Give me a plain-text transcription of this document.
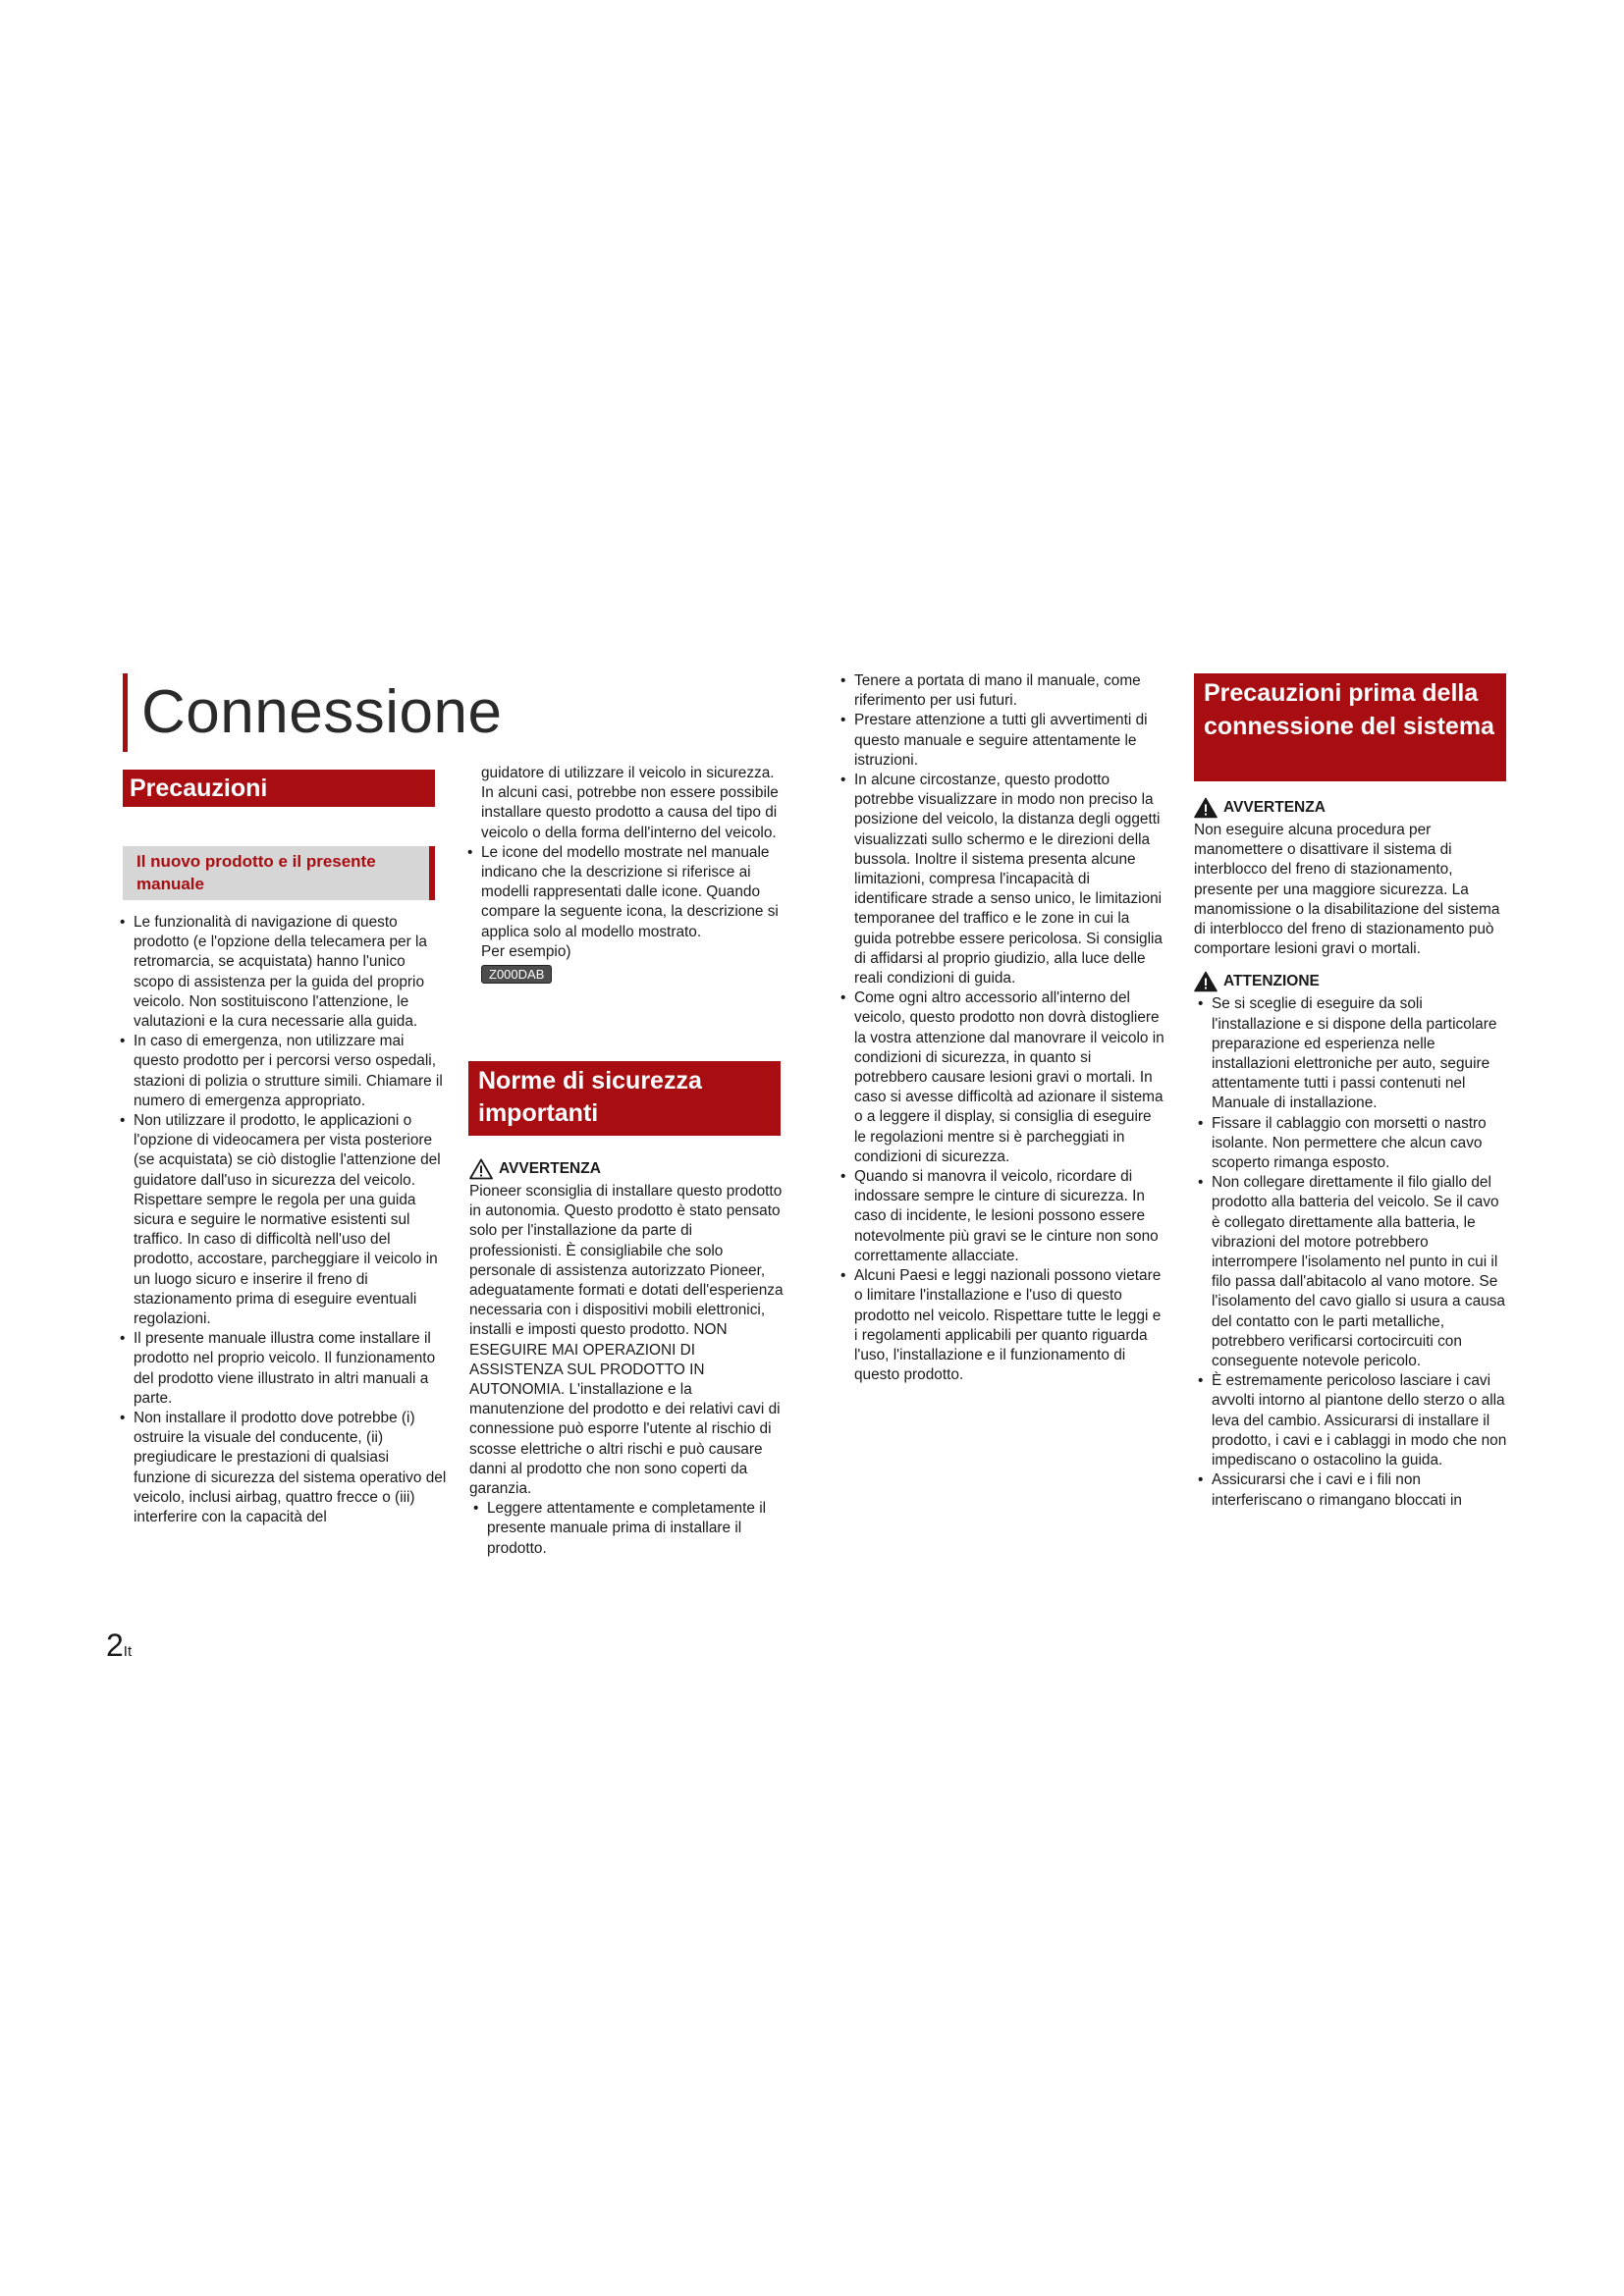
Connessione
Precauzioni
Il nuovo prodotto e il presente manuale
• Le funzionalità di navigazione di questo prodotto (e l'opzione della telecamera per la retromarcia, se acquistata) hanno l'unico scopo di assistenza per la guida del proprio veicolo. Non sostituiscono l'attenzione, le valutazioni e la cura necessarie alla guida.
• In caso di emergenza, non utilizzare mai questo prodotto per i percorsi verso ospedali, stazioni di polizia o strutture simili. Chiamare il numero di emergenza appropriato.
• Non utilizzare il prodotto, le applicazioni o l'opzione di videocamera per vista posteriore (se acquistata) se ciò distoglie l'attenzione del guidatore dall'uso in sicurezza del veicolo. Rispettare sempre le regola per una guida sicura e seguire le normative esistenti sul traffico. In caso di difficoltà nell'uso del prodotto, accostare, parcheggiare il veicolo in un luogo sicuro e inserire il freno di stazionamento prima di eseguire eventuali regolazioni.
• Il presente manuale illustra come installare il prodotto nel proprio veicolo. Il funzionamento del prodotto viene illustrato in altri manuali a parte.
• Non installare il prodotto dove potrebbe (i) ostruire la visuale del conducente, (ii) pregiudicare le prestazioni di qualsiasi funzione di sicurezza del sistema operativo del veicolo, inclusi airbag, quattro frecce o (iii) interferire con la capacità del

guidatore di utilizzare il veicolo in sicurezza. In alcuni casi, potrebbe non essere possibile installare questo prodotto a causa del tipo di veicolo o della forma dell'interno del veicolo.

• Le icone del modello mostrate nel manuale indicano che la descrizione si riferisce ai modelli rappresentati dalle icone. Quando compare la seguente icona, la descrizione si applica solo al modello mostrato.
Per esempio)
Z000DAB
Norme di sicurezza importanti
AVVERTENZA

Pioneer sconsiglia di installare questo prodotto in autonomia. Questo prodotto è stato pensato solo per l'installazione da parte di professionisti. È consigliabile che solo personale di assistenza autorizzato Pioneer, adeguatamente formati e dotati dell'esperienza necessaria con i dispositivi mobili elettronici, installi e imposti questo prodotto. NON ESEGUIRE MAI OPERAZIONI DI ASSISTENZA SUL PRODOTTO IN AUTONOMIA. L'installazione e la manutenzione del prodotto e dei relativi cavi di connessione può esporre l'utente al rischio di scosse elettriche o altri rischi e può causare danni al prodotto che non sono coperti da garanzia.

• Leggere attentamente e completamente il presente manuale prima di installare il prodotto.
• Tenere a portata di mano il manuale, come riferimento per usi futuri.
• Prestare attenzione a tutti gli avvertimenti di questo manuale e seguire attentamente le istruzioni.
• In alcune circostanze, questo prodotto potrebbe visualizzare in modo non preciso la posizione del veicolo, la distanza degli oggetti visualizzati sullo schermo e le direzioni della bussola. Inoltre il sistema presenta alcune limitazioni, compresa l'incapacità di identificare strade a senso unico, le limitazioni temporanee del traffico e le zone in cui la guida potrebbe essere pericolosa. Si consiglia di affidarsi al proprio giudizio, alla luce delle reali condizioni di guida.
• Come ogni altro accessorio all'interno del veicolo, questo prodotto non dovrà distogliere la vostra attenzione dal manovrare il veicolo in condizioni di sicurezza, in quanto si potrebbero causare lesioni gravi o mortali. In caso si avesse difficoltà ad azionare il sistema o a leggere il display, si consiglia di eseguire le regolazioni mentre si è parcheggiati in condizioni di sicurezza.
• Quando si manovra il veicolo, ricordare di indossare sempre le cinture di sicurezza. In caso di incidente, le lesioni possono essere notevolmente più gravi se le cinture non sono correttamente allacciate.
• Alcuni Paesi e leggi nazionali possono vietare o limitare l'installazione e l'uso di questo prodotto nel veicolo. Rispettare tutte le leggi e i regolamenti applicabili per quanto riguarda l'uso, l'installazione e il funzionamento di questo prodotto.
Precauzioni prima della connessione del sistema
AVVERTENZA

Non eseguire alcuna procedura per manomettere o disattivare il sistema di interblocco del freno di stazionamento, presente per una maggiore sicurezza. La manomissione o la disabilitazione del sistema di interblocco del freno di stazionamento può comportare lesioni gravi o mortali.

ATTENZIONE
• Se si sceglie di eseguire da soli l'installazione e si dispone della particolare preparazione ed esperienza nelle installazioni elettroniche per auto, seguire attentamente tutti i passi contenuti nel Manuale di installazione.
• Fissare il cablaggio con morsetti o nastro isolante. Non permettere che alcun cavo scoperto rimanga esposto.
• Non collegare direttamente il filo giallo del prodotto alla batteria del veicolo. Se il cavo è collegato direttamente alla batteria, le vibrazioni del motore potrebbero interrompere l'isolamento nel punto in cui il filo passa dall'abitacolo al vano motore. Se l'isolamento del cavo giallo si usura a causa del contatto con le parti metalliche, potrebbero verificarsi cortocircuiti con conseguente notevole pericolo.
• È estremamente pericoloso lasciare i cavi avvolti intorno al piantone dello sterzo o alla leva del cambio. Assicurarsi di installare il prodotto, i cavi e i cablaggi in modo che non impediscano o ostacolino la guida.
• Assicurarsi che i cavi e i fili non interferiscano o rimangano bloccati in
2It
